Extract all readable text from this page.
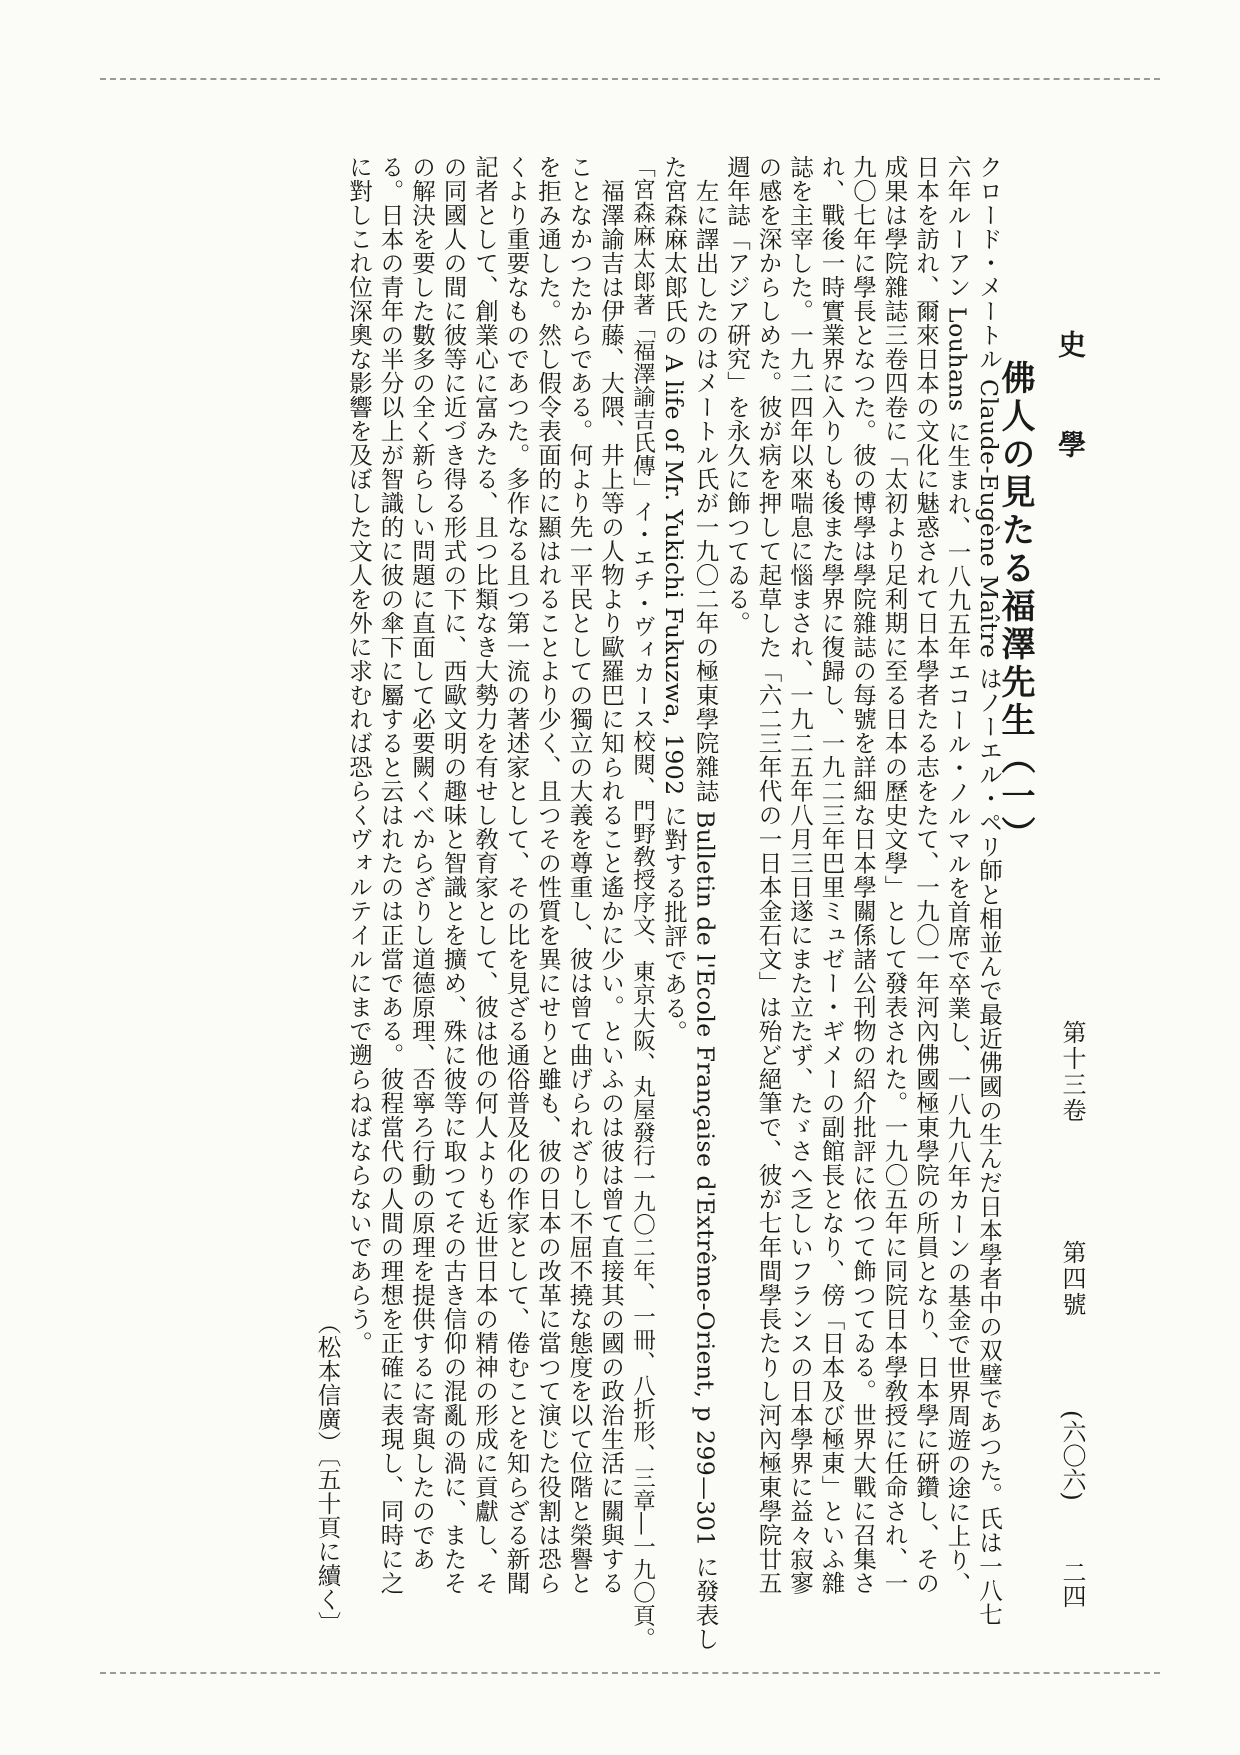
史　學
佛人の見たる福澤先生（一）
第十三卷
第四號
(六〇六)
二四
クロード・メートル Claude-Eugène Maître はノーエル・ペリ師と相並んで最近佛國の生んだ日本學者中の双璧であつた。氏は一八七
六年ルーアン Louhans に生まれ、一八九五年エコール・ノルマルを首席で卒業し、一八九八年カーンの基金で世界周遊の途に上り、
日本を訪れ、爾來日本の文化に魅惑されて日本學者たる志をたて、一九〇一年河內佛國極東學院の所員となり、日本學に硏鑽し、その
成果は學院雜誌三卷四卷に「太初より足利期に至る日本の歷史文學」として發表された。一九〇五年に同院日本學敎授に任命され、一
九〇七年に學長となつた。彼の博學は學院雜誌の每號を詳細な日本學關係諸公刊物の紹介批評に依つて飾つてゐる。世界大戰に召集さ
れ、戰後一時實業界に入りしも後また學界に復歸し、一九二三年巴里ミュゼー・ギメーの副館長となり、傍「日本及び極東」といふ雜
誌を主宰した。一九二四年以來喘息に惱まされ、一九二五年八月三日遂にまた立たず、たゞさへ乏しいフランスの日本學界に益々寂寥
の感を深からしめた。彼が病を押して起草した「六二三年代の一日本金石文」は殆ど絕筆で、彼が七年間學長たりし河內極東學院廿五
週年誌「アジア硏究」を永久に飾つてゐる。
　左に譯出したのはメートル氏が一九〇二年の極東學院雜誌 Bulletin de l'Ecole Française d'Extrême-Orient, p 299—301 に發表し
た宮森麻太郞氏の A life of Mr. Yukichi Fukuzwa, 1902 に對する批評である。
「宮森麻太郞著「福澤諭吉氏傳」イ・エチ・ヴィカース校閱、門野敎授序文、東京大阪、丸屋發行一九〇二年、一冊、八折形、三章―一九〇頁。
　福澤諭吉は伊藤、大隈、井上等の人物より歐羅巴に知られること遙かに少い。といふのは彼は曾て直接其の國の政治生活に關與する
ことなかつたからである。何より先一平民としての獨立の大義を尊重し、彼は曾て曲げられざりし不屈不撓な態度を以て位階と榮譽と
を拒み通した。然し假令表面的に顯はれることより少く、且つその性質を異にせりと雖も、彼の日本の改革に當つて演じた役割は恐ら
くより重要なものであつた。多作なる且つ第一流の著述家として、その比を見ざる通俗普及化の作家として、倦むことを知らざる新聞
記者として、創業心に富みたる、且つ比類なき大勢力を有せし敎育家として、彼は他の何人よりも近世日本の精神の形成に貢獻し、そ
の同國人の間に彼等に近づき得る形式の下に、西歐文明の趣味と智識とを擴め、殊に彼等に取つてその古き信仰の混亂の渦に、またそ
の解決を要した數多の全く新らしい問題に直面して必要闕くべからざりし道德原理、否寧ろ行動の原理を提供するに寄與したのであ
る。日本の青年の半分以上が智識的に彼の傘下に屬すると云はれたのは正當である。彼程當代の人間の理想を正確に表現し、同時に之
に對しこれ位深奧な影響を及ぼした文人を外に求むれば恐らくヴォルテイルにまで遡らねばならないであらう。
（松本信廣）〔五十頁に續く〕
